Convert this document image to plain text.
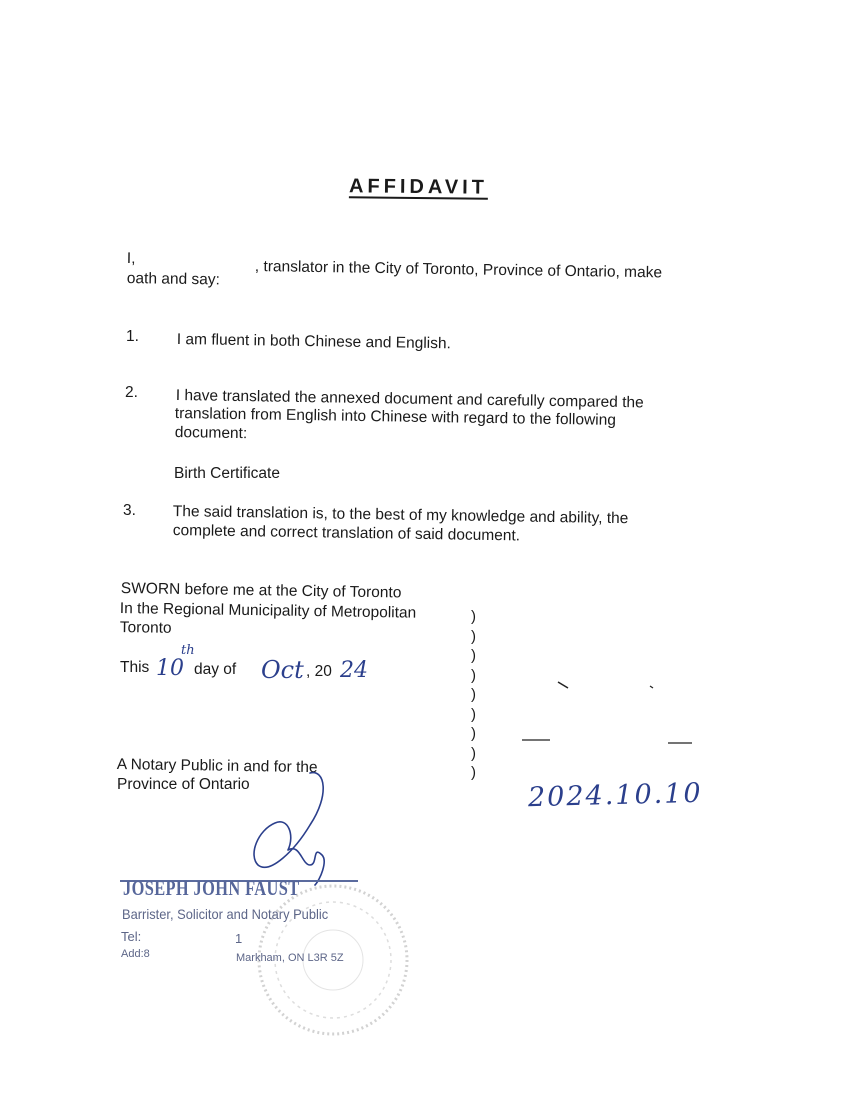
AFFIDAVIT
I,	, translator in the City of Toronto, Province of Ontario, make
oath and say:
1. I am fluent in both Chinese and English.
2. I have translated the annexed document and carefully compared the
translation from English into Chinese with regard to the following
document:
Birth Certificate
3. The said translation is, to the best of my knowledge and ability, the
complete and correct translation of said document.
SWORN before me at the City of Toronto
In the Regional Municipality of Metropolitan
Toronto
This 10
th
day of Oct , 20 24
)
)
)
)
)
)
)
)
)
A Notary Public in and for the
Province of Ontario	2024.10.10
JOSEPH JOHN FAUST
Barrister, Solicitor and Notary Public
Tel:	1
Add:8	Markham, ON L3R 5Z
